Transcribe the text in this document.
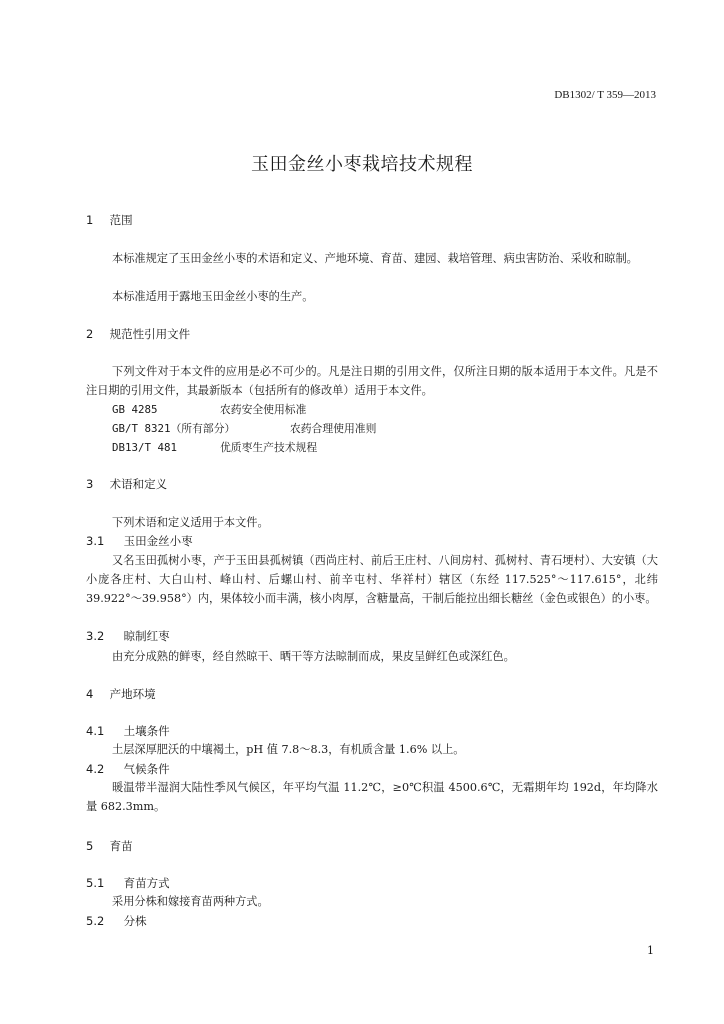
DB1302/ T 359—2013
玉田金丝小枣栽培技术规程
1 范围
本标准规定了玉田金丝小枣的术语和定义、产地环境、育苗、建园、栽培管理、病虫害防治、采收和晾制。
本标准适用于露地玉田金丝小枣的生产。
2 规范性引用文件
下列文件对于本文件的应用是必不可少的。凡是注日期的引用文件，仅所注日期的版本适用于本文件。凡是不注日期的引用文件，其最新版本（包括所有的修改单）适用于本文件。
GB 4285	农药安全使用标准
GB/T 8321（所有部分）	农药合理使用准则
DB13/T 481	优质枣生产技术规程
3 术语和定义
下列术语和定义适用于本文件。
3.1 玉田金丝小枣
又名玉田孤树小枣，产于玉田县孤树镇（西尚庄村、前后王庄村、八间房村、孤树村、青石埂村）、大安镇（大小庞各庄村、大白山村、峰山村、后螺山村、前辛屯村、华祥村）辖区（东经 117.525°～117.615°，北纬 39.922°～39.958°）内，果体较小而丰满，核小肉厚，含糖量高，干制后能拉出细长糖丝（金色或银色）的小枣。
3.2 晾制红枣
由充分成熟的鲜枣，经自然晾干、晒干等方法晾制而成，果皮呈鲜红色或深红色。
4 产地环境
4.1 土壤条件
土层深厚肥沃的中壤褐土，pH 值 7.8～8.3，有机质含量 1.6% 以上。
4.2 气候条件
暖温带半湿润大陆性季风气候区，年平均气温 11.2℃，≥0℃积温 4500.6℃，无霜期年均 192d，年均降水量 682.3mm。
5 育苗
5.1 育苗方式
采用分株和嫁接育苗两种方式。
5.2 分株
1
